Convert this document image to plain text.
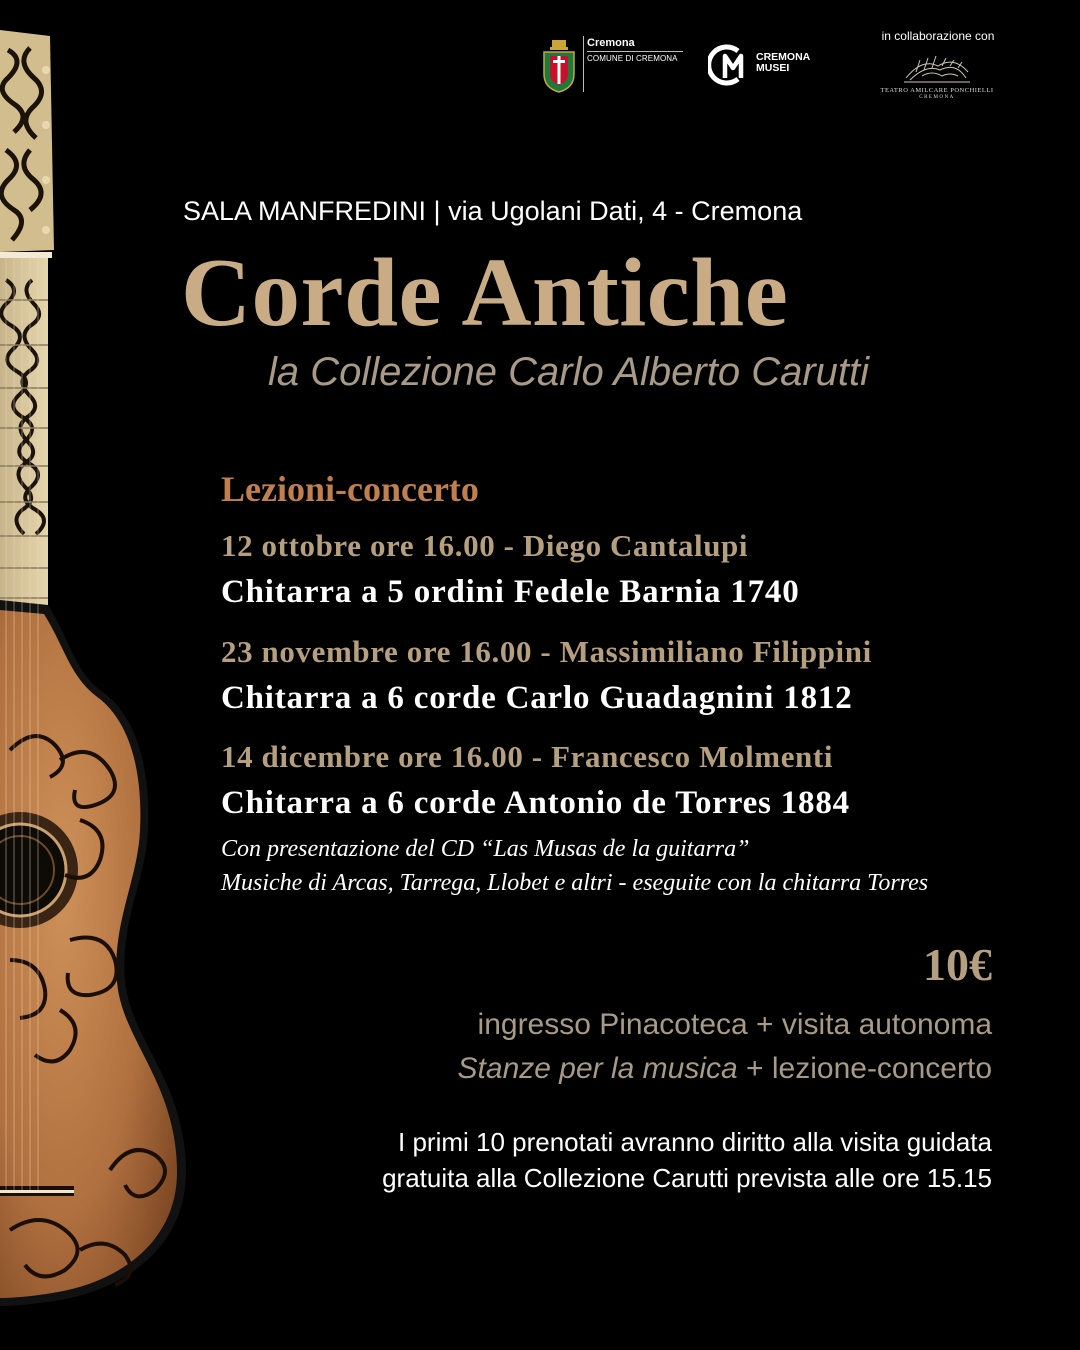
Cremona
COMUNE DI CREMONA	CREMONA
MUSEI
in collaborazione con
TEATRO AMILCARE PONCHIELLI
CREMONA
SALA MANFREDINI | via Ugolani Dati, 4 - Cremona
Corde Antiche
la Collezione Carlo Alberto Carutti
Lezioni-concerto
12 ottobre ore 16.00 - Diego Cantalupi
Chitarra a 5 ordini Fedele Barnia 1740
23 novembre ore 16.00 - Massimiliano Filippini
Chitarra a 6 corde Carlo Guadagnini 1812
14 dicembre ore 16.00 - Francesco Molmenti
Chitarra a 6 corde Antonio de Torres 1884
Con presentazione del CD “Las Musas de la guitarra”
Musiche di Arcas, Tarrega, Llobet e altri - eseguite con la chitarra Torres
10€
ingresso Pinacoteca + visita autonoma
Stanze per la musica + lezione-concerto
I primi 10 prenotati avranno diritto alla visita guidata
gratuita alla Collezione Carutti prevista alle ore 15.15
